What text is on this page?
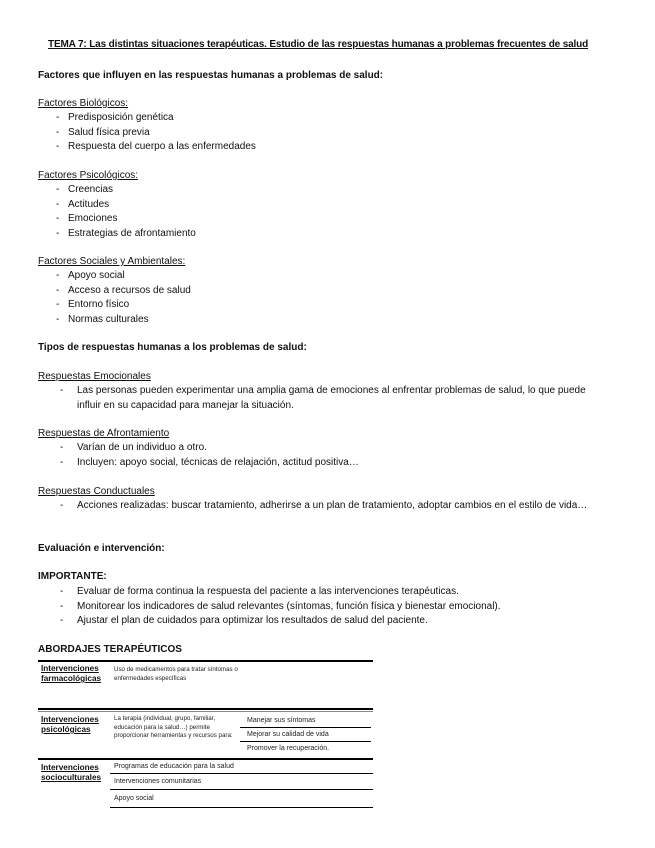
TEMA 7: Las distintas situaciones terapéuticas. Estudio de las respuestas humanas a problemas frecuentes de salud
Factores que influyen en las respuestas humanas a problemas de salud:
Factores Biológicos:
- Predisposición genética
- Salud física previa
- Respuesta del cuerpo a las enfermedades
Factores Psicológicos:
- Creencias
- Actitudes
- Emociones
- Estrategias de afrontamiento
Factores Sociales y Ambientales:
- Apoyo social
- Acceso a recursos de salud
- Entorno físico
- Normas culturales
Tipos de respuestas humanas a los problemas de salud:
Respuestas Emocionales
- Las personas pueden experimentar una amplia gama de emociones al enfrentar problemas de salud, lo que puede influir en su capacidad para manejar la situación.
Respuestas de Afrontamiento
- Varían de un individuo a otro.
- Incluyen: apoyo social, técnicas de relajación, actitud positiva…
Respuestas Conductuales
- Acciones realizadas: buscar tratamiento, adherirse a un plan de tratamiento, adoptar cambios en el estilo de vida…
Evaluación e intervención:
IMPORTANTE:
- Evaluar de forma continua la respuesta del paciente a las intervenciones terapéuticas.
- Monitorear los indicadores de salud relevantes (síntomas, función física y bienestar emocional).
- Ajustar el plan de cuidados para optimizar los resultados de salud del paciente.
ABORDAJES TERAPÉUTICOS
Intervenciones farmacológicas
Uso de medicamentos para tratar síntomas o enfermedades específicas
Intervenciones psicológicas
La terapia (individual, grupo, familiar, educación para la salud…) permite proporcionar herramientas y recursos para:
Manejar sus síntomas
Mejorar su calidad de vida
Promover la recuperación.
Intervenciones socioculturales
Programas de educación para la salud
Intervenciones comunitarias
Apoyo social
